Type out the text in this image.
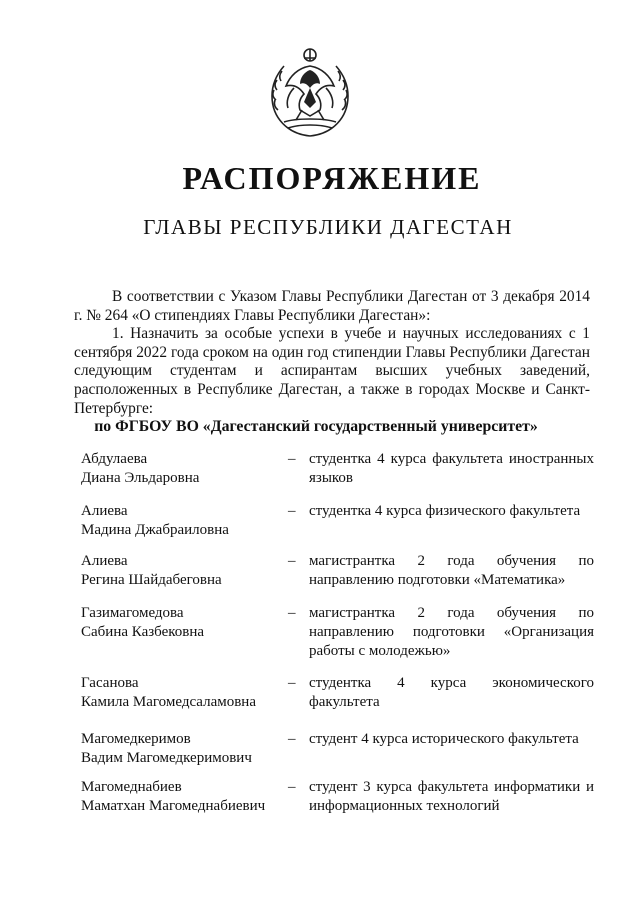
РАСПОРЯЖЕНИЕ
ГЛАВЫ РЕСПУБЛИКИ ДАГЕСТАН

В соответствии с Указом Главы Республики Дагестан от 3 декабря 2014 г. № 264 «О стипендиях Главы Республики Дагестан»:

1. Назначить за особые успехи в учебе и научных исследованиях с 1 сентября 2022 года сроком на один год стипендии Главы Республики Дагестан следующим студентам и аспирантам высших учебных заведений, расположенных в Республике Дагестан, а также в городах Москве и Санкт-Петербурге:

по ФГБОУ ВО «Дагестанский государственный университет»
Абдулаева
Диана Эльдаровна
– студентка 4 курса факультета иностранных языков
Алиева
Мадина Джабраиловна
– студентка 4 курса физического факультета
Алиева
Регина Шайдабеговна
– магистрантка 2 года обучения по направлению подготовки «Математика»
Газимагомедова
Сабина Казбековна
– магистрантка 2 года обучения по направлению подготовки «Организация работы с молодежью»
Гасанова
Камила Магомедсаламовна
– студентка 4 курса экономического факультета
Магомедкеримов
Вадим Магомедкеримович
– студент 4 курса исторического факультета
Магомеднабиев
Маматхан Магомеднабиевич
– студент 3 курса факультета информатики и информационных технологий
